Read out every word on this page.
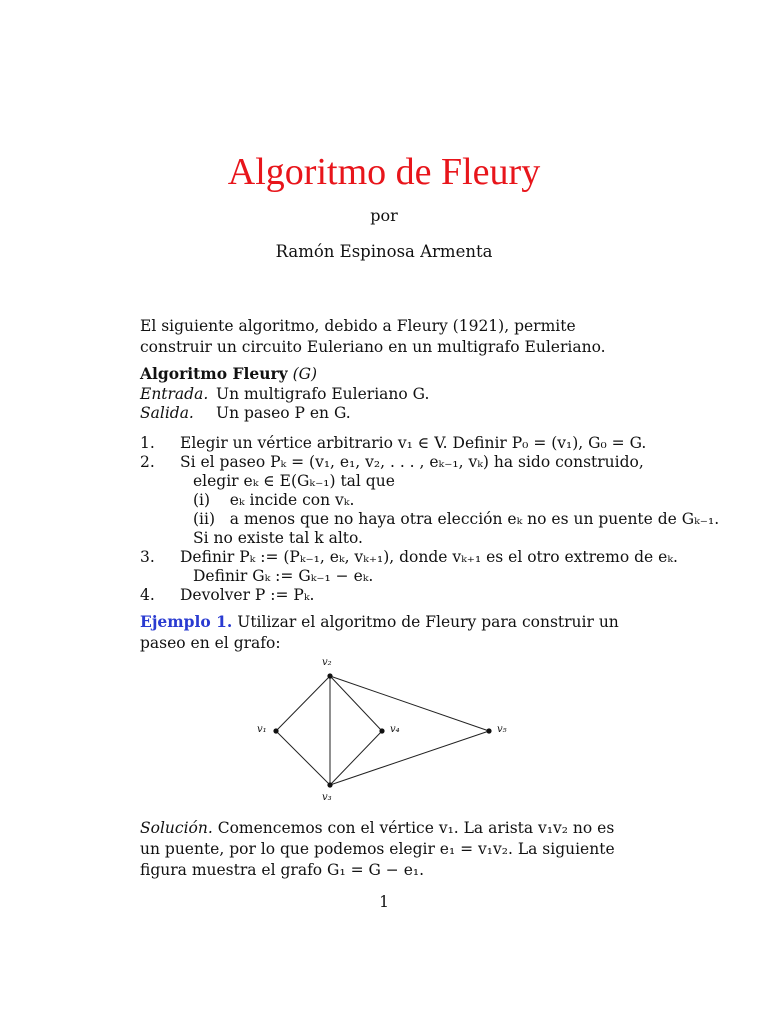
Algoritmo de Fleury
por
Ramón Espinosa Armenta
El siguiente algoritmo, debido a Fleury (1921), permite construir un circuito Euleriano en un multigrafo Euleriano.
Algoritmo Fleury (G)
Entrada. Un multigrafo Euleriano G.
Salida. Un paseo P en G.
1. Elegir un vértice arbitrario v₁ ∈ V. Definir P₀ = (v₁), G₀ = G.
2. Si el paseo Pₖ = (v₁, e₁, v₂, . . . , eₖ₋₁, vₖ) ha sido construido,
elegir eₖ ∈ E(Gₖ₋₁) tal que
(i)    eₖ incide con vₖ.
(ii)   a menos que no haya otra elección eₖ no es un puente de Gₖ₋₁.
Si no existe tal k alto.
3. Definir Pₖ := (Pₖ₋₁, eₖ, vₖ₊₁), donde vₖ₊₁ es el otro extremo de eₖ.
Definir Gₖ := Gₖ₋₁ − eₖ.
4. Devolver P := Pₖ.
Ejemplo 1. Utilizar el algoritmo de Fleury para construir un paseo en el grafo:
v₁
v₂
v₃
v₄	v₅
Solución. Comencemos con el vértice v₁. La arista v₁v₂ no es un puente, por lo que podemos elegir e₁ = v₁v₂. La siguiente figura muestra el grafo G₁ = G − e₁.
1
